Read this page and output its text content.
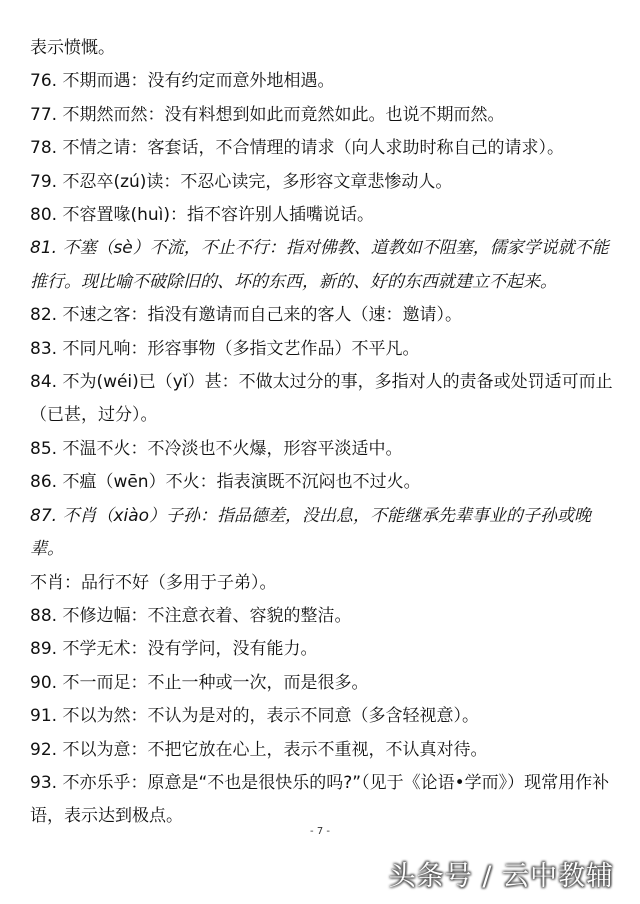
表示愤慨。

76. 不期而遇：没有约定而意外地相遇。

77. 不期然而然：没有料想到如此而竟然如此。也说不期而然。

78. 不情之请：客套话，不合情理的请求（向人求助时称自己的请求）。

79. 不忍卒(zú)读：不忍心读完，多形容文章悲惨动人。

80. 不容置喙(huì)：指不容许别人插嘴说话。

81. 不塞（sè）不流，不止不行：指对佛教、道教如不阻塞，儒家学说就不能推行。现比喻不破除旧的、坏的东西，新的、好的东西就建立不起来。

82. 不速之客：指没有邀请而自己来的客人（速：邀请）。

83. 不同凡响：形容事物（多指文艺作品）不平凡。

84. 不为(wéi)已（yǐ）甚：不做太过分的事，多指对人的责备或处罚适可而止（已甚，过分）。

85. 不温不火：不冷淡也不火爆，形容平淡适中。

86. 不瘟（wēn）不火：指表演既不沉闷也不过火。

87. 不肖（xiào）子孙：指品德差，没出息，不能继承先辈事业的子孙或晚辈。

不肖：品行不好（多用于子弟）。

88. 不修边幅：不注意衣着、容貌的整洁。

89. 不学无术：没有学问，没有能力。

90. 不一而足：不止一种或一次，而是很多。

91. 不以为然：不认为是对的，表示不同意（多含轻视意）。

92. 不以为意：不把它放在心上，表示不重视，不认真对待。

93. 不亦乐乎：原意是“不也是很快乐的吗?”（见于《论语•学而》）现常用作补语，表示达到极点。

- 7 -
头条号 / 云中教辅
